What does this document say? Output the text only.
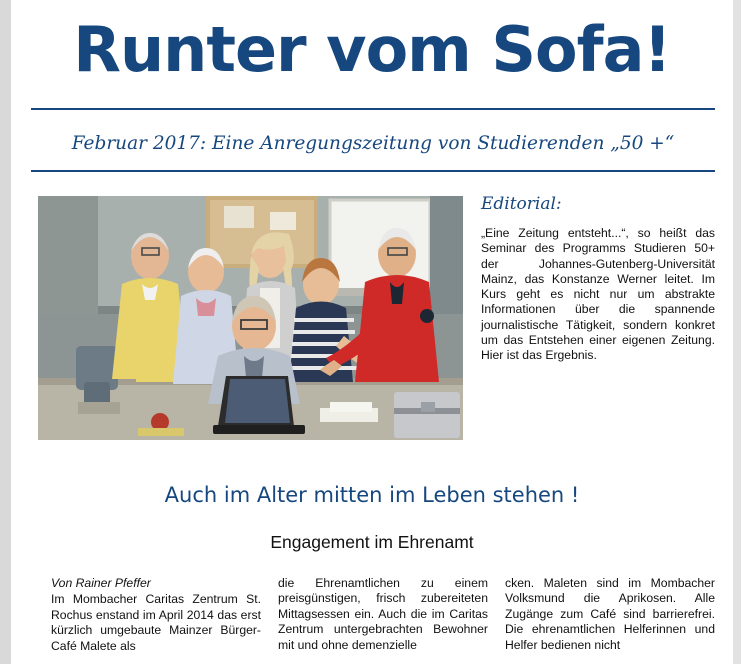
Runter vom Sofa!
Februar 2017: Eine Anregungszeitung von Studierenden „50 +“
Editorial:

„Eine Zeitung entsteht...“, so heißt das Seminar des Programms Studieren 50+ der Johannes-Gutenberg-Universität Mainz, das Konstanze Werner leitet. Im Kurs geht es nicht nur um abstrakte Informationen über die spannende journalistische Tätigkeit, sondern konkret um das Entstehen einer eigenen Zeitung. Hier ist das Ergebnis.

Auch im Alter mitten im Leben stehen !
Engagement im Ehrenamt
Von Rainer Pfeffer

Im Mombacher Caritas Zentrum St. Rochus enstand im April 2014 das erst kürzlich umgebaute Mainzer Bürger-Café Malete als

die Ehrenamtlichen zu einem preisgünstigen, frisch zubereiteten Mittagsessen ein. Auch die im Caritas Zentrum untergebrachten Bewohner mit und ohne demenzielle

cken. Maleten sind im Mombacher Volksmund die Aprikosen. Alle Zugänge zum Café sind barrierefrei. Die ehrenamtlichen Helferinnen und Helfer bedienen nicht
